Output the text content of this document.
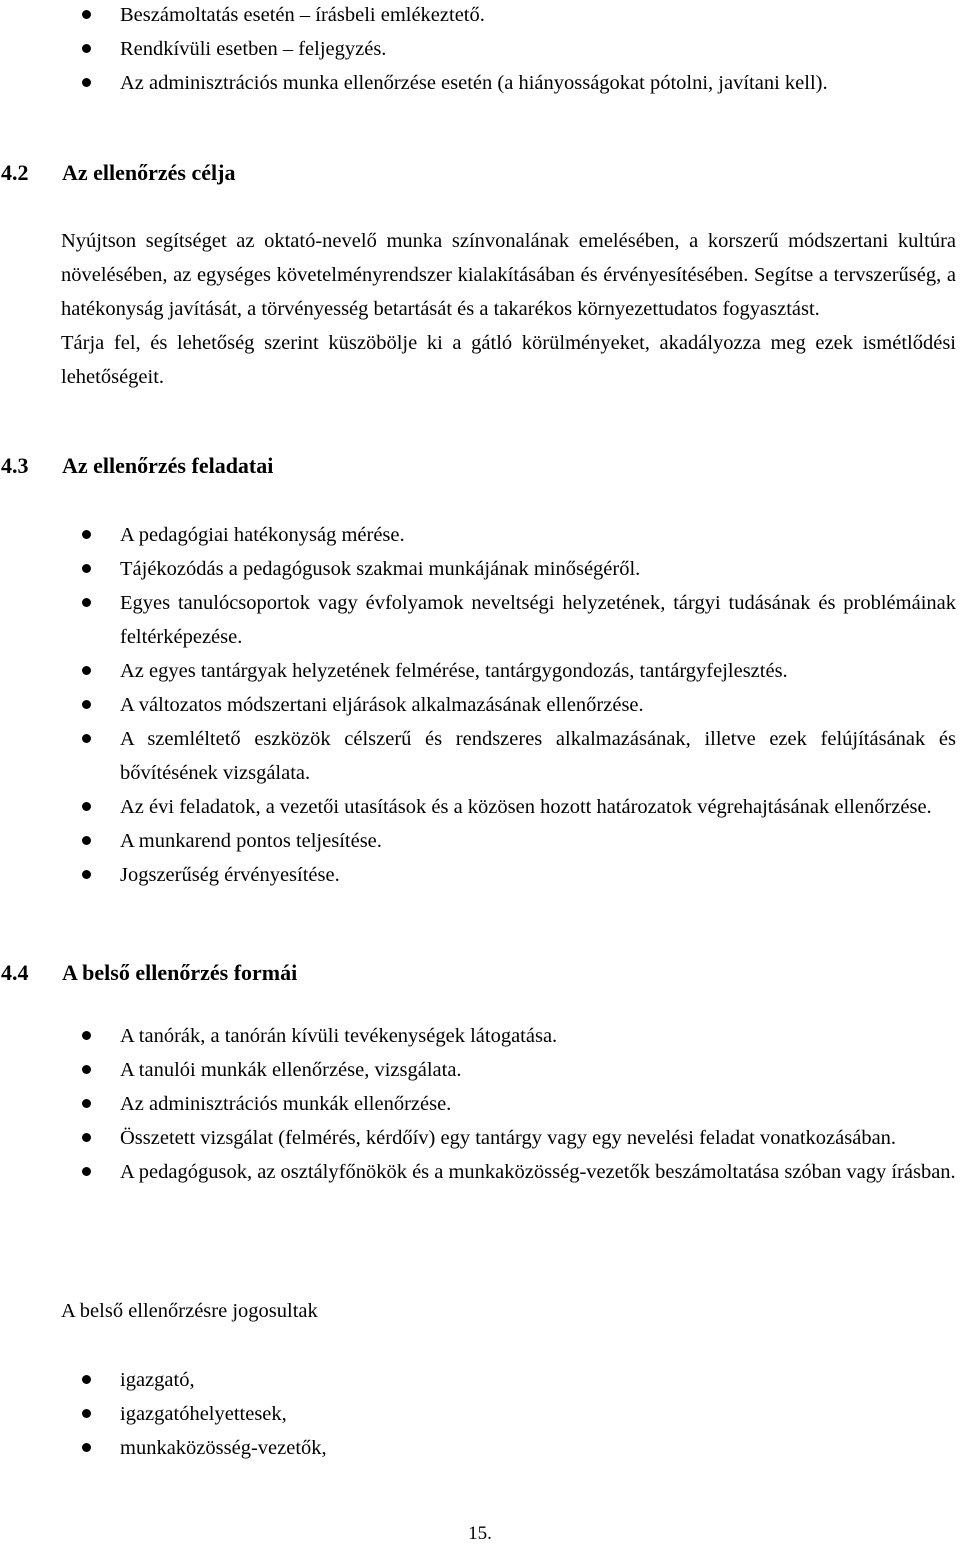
Beszámoltatás esetén – írásbeli emlékeztető.
Rendkívüli esetben – feljegyzés.
Az adminisztrációs munka ellenőrzése esetén (a hiányosságokat pótolni, javítani kell).
4.2 Az ellenőrzés célja

Nyújtson segítséget az oktató-nevelő munka színvonalának emelésében, a korszerű módszertani kultúra növelésében, az egységes követelményrendszer kialakításában és érvényesítésében. Segítse a tervszerűség, a hatékonyság javítását, a törvényesség betartását és a takarékos környezettudatos fogyasztást.

Tárja fel, és lehetőség szerint küszöbölje ki a gátló körülményeket, akadályozza meg ezek ismétlődési lehetőségeit.

4.3 Az ellenőrzés feladatai
A pedagógiai hatékonyság mérése.
Tájékozódás a pedagógusok szakmai munkájának minőségéről.
Egyes tanulócsoportok vagy évfolyamok neveltségi helyzetének, tárgyi tudásának és problémáinak feltérképezése.
Az egyes tantárgyak helyzetének felmérése, tantárgygondozás, tantárgyfejlesztés.
A változatos módszertani eljárások alkalmazásának ellenőrzése.
A szemléltető eszközök célszerű és rendszeres alkalmazásának, illetve ezek felújításának és bővítésének vizsgálata.
Az évi feladatok, a vezetői utasítások és a közösen hozott határozatok végrehajtásának ellenőrzése.
A munkarend pontos teljesítése.
Jogszerűség érvényesítése.
4.4 A belső ellenőrzés formái
A tanórák, a tanórán kívüli tevékenységek látogatása.
A tanulói munkák ellenőrzése, vizsgálata.
Az adminisztrációs munkák ellenőrzése.
Összetett vizsgálat (felmérés, kérdőív) egy tantárgy vagy egy nevelési feladat vonatkozásában.
A pedagógusok, az osztályfőnökök és a munkaközösség-vezetők beszámoltatása szóban vagy írásban.
A belső ellenőrzésre jogosultak
igazgató,
igazgatóhelyettesek,
munkaközösség-vezetők,
15.
